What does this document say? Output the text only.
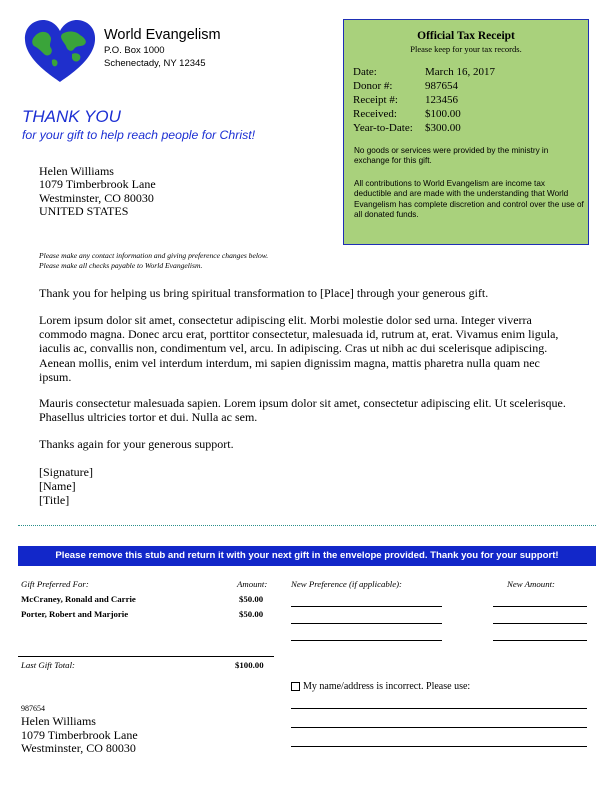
World Evangelism
P.O. Box 1000
Schenectady, NY 12345
Official Tax Receipt
Please keep for your tax records.
Date:	March 16, 2017
Donor #:	987654
Receipt #: 123456
Received:	$100.00
Year-to-Date: $300.00
No goods or services were provided by the ministry in exchange for this gift.
All contributions to World Evangelism are income tax deductible and are made with the understanding that World Evangelism has complete discretion and control over the use of all donated funds.
THANK YOU
for your gift to help reach people for Christ!
Helen Williams
1079 Timberbrook Lane
Westminster, CO 80030
UNITED STATES
Please make any contact information and giving preference changes below.
Please make all checks payable to World Evangelism.
Thank you for helping us bring spiritual transformation to [Place] through your generous gift.
Lorem ipsum dolor sit amet, consectetur adipiscing elit. Morbi molestie dolor sed urna. Integer viverra commodo magna. Donec arcu erat, porttitor consectetur, malesuada id, rutrum at, erat. Vivamus enim ligula, iaculis ac, convallis non, condimentum vel, arcu. In adipiscing. Cras ut nibh ac dui scelerisque adipiscing. Aenean mollis, enim vel interdum interdum, mi sapien dignissim magna, mattis pharetra nulla quam nec ipsum.
Mauris consectetur malesuada sapien. Lorem ipsum dolor sit amet, consectetur adipiscing elit. Ut scelerisque. Phasellus ultricies tortor et dui. Nulla ac sem.
Thanks again for your generous support.
[Signature]
[Name]
[Title]
Please remove this stub and return it with your next gift in the envelope provided. Thank you for your support!
Gift Preferred For:	Amount:	New Preference (if applicable):	New Amount:
McCraney, Ronald and Carrie	$50.00
Porter, Robert and Marjorie	$50.00
Last Gift Total:	$100.00
My name/address is incorrect. Please use:
987654
Helen Williams
1079 Timberbrook Lane
Westminster, CO 80030
